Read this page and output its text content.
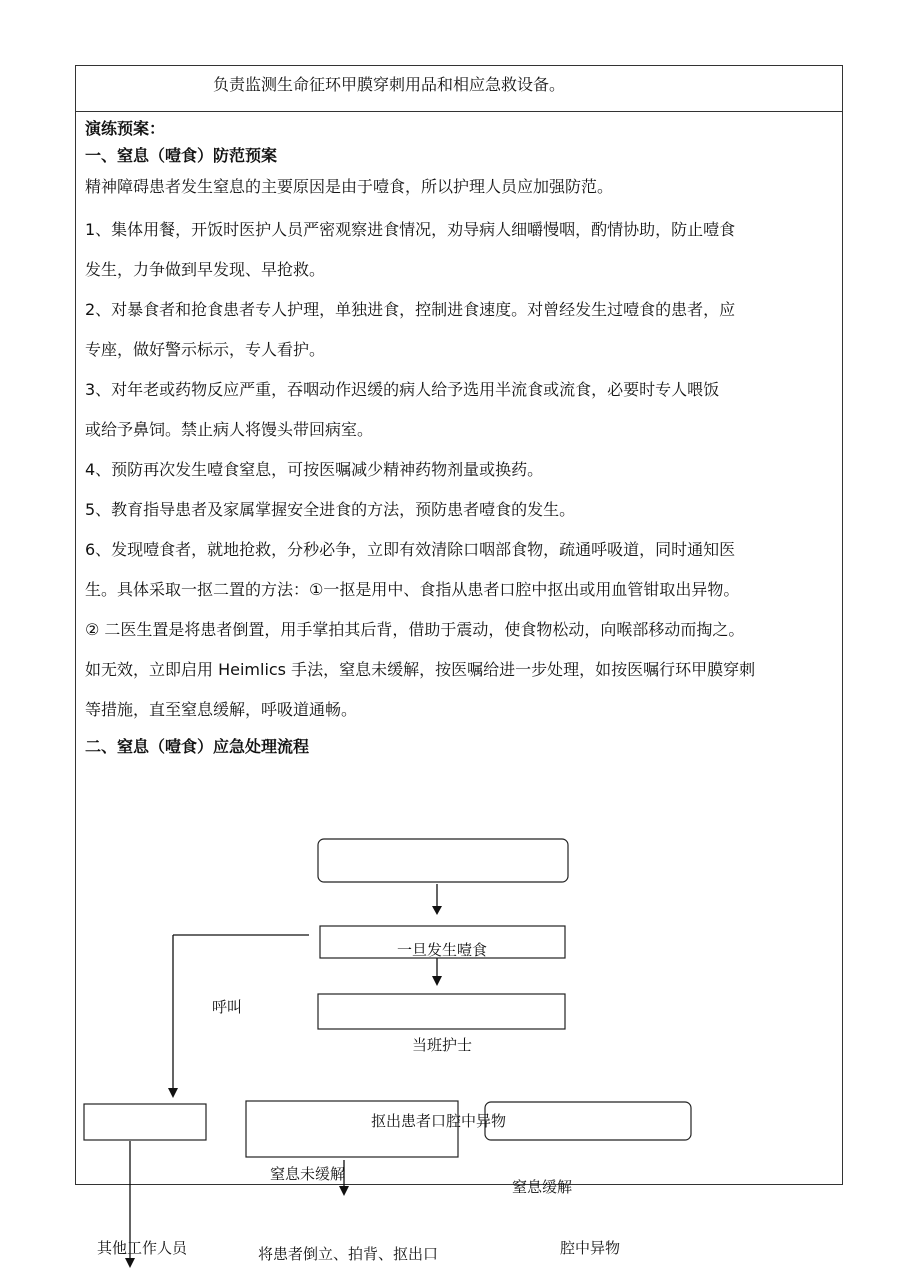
负责监测生命征环甲膜穿刺用品和相应急救设备。
演练预案：
一、窒息（噎食）防范预案
精神障碍患者发生窒息的主要原因是由于噎食，所以护理人员应加强防范。

1、集体用餐，开饭时医护人员严密观察进食情况，劝导病人细嚼慢咽，酌情协助，防止噎食

发生，力争做到早发现、早抢救。

2、对暴食者和抢食患者专人护理，单独进食，控制进食速度。对曾经发生过噎食的患者，应

专座，做好警示标示，专人看护。

3、对年老或药物反应严重，吞咽动作迟缓的病人给予选用半流食或流食，必要时专人喂饭

或给予鼻饲。禁止病人将馒头带回病室。

4、预防再次发生噎食窒息，可按医嘱减少精神药物剂量或换药。

5、教育指导患者及家属掌握安全进食的方法，预防患者噎食的发生。

6、发现噎食者，就地抢救，分秒必争，立即有效清除口咽部食物，疏通呼吸道，同时通知医

生。具体采取一抠二置的方法：①一抠是用中、食指从患者口腔中抠出或用血管钳取出异物。

② 二医生置是将患者倒置，用手掌拍其后背，借助于震动，使食物松动，向喉部移动而掏之。

如无效，立即启用 Heimlics 手法，窒息未缓解，按医嘱给进一步处理，如按医嘱行环甲膜穿刺

等措施，直至窒息缓解，呼吸道通畅。

二、窒息（噎食）应急处理流程
一旦发生噎食
呼叫
当班护士
抠出患者口腔中异物
窒息未缓解
窒息缓解
其他工作人员	将患者倒立、拍背、抠出口	腔中异物
